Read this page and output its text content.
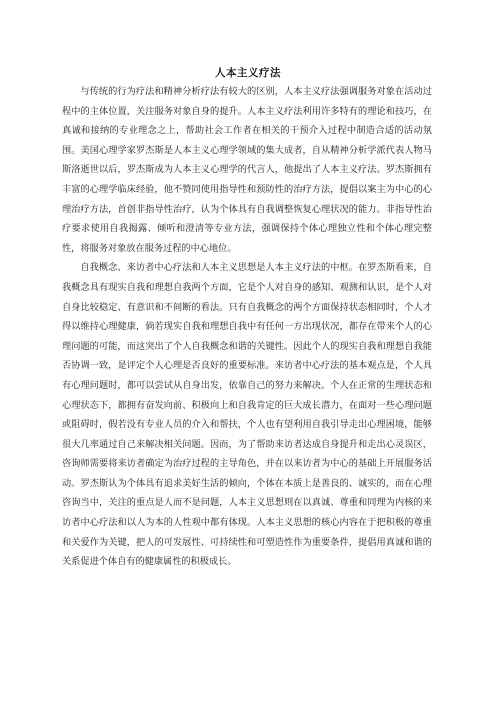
人本主义疗法

与传统的行为疗法和精神分析疗法有较大的区别，人本主义疗法强调服务对象在活动过程中的主体位置，关注服务对象自身的提升。人本主义疗法利用许多特有的理论和技巧，在真诚和接纳的专业理念之上，帮助社会工作者在相关的干预介入过程中制造合适的活动氛围。美国心理学家罗杰斯是人本主义心理学领域的集大成者，自从精神分析学派代表人物马斯洛逝世以后，罗杰斯成为人本主义心理学的代言人，他提出了人本主义疗法。罗杰斯拥有丰富的心理学临床经验，他不赞同使用指导性和预防性的治疗方法，提倡以案主为中心的心理治疗方法，首创非指导性治疗，认为个体具有自我调整恢复心理状况的能力。非指导性治疗要求使用自我揭露、倾听和澄清等专业方法，强调保持个体心理独立性和个体心理完整性，将服务对象放在服务过程的中心地位。

自我概念、来访者中心疗法和人本主义思想是人本主义疗法的中枢。在罗杰斯看来，自我概念具有现实自我和理想自我两个方面，它是个人对自身的感知、观测和认识，是个人对自身比较稳定、有意识和不间断的看法。只有自我概念的两个方面保持状态相同时，个人才得以维持心理健康，倘若现实自我和理想自我中有任何一方出现状况，都存在带来个人的心理问题的可能，而这突出了个人自我概念和谐的关键性。因此个人的现实自我和理想自我能否协调一致，是评定个人心理是否良好的重要标准。来访者中心疗法的基本观点是，个人具有心理问题时，都可以尝试从自身出发，依靠自己的努力来解决。个人在正常的生理状态和心理状态下，都拥有奋发向前、积极向上和自我肯定的巨大成长潜力，在面对一些心理问题或阻碍时，假若没有专业人员的介入和帮扶，个人也有望利用自我引导走出心理困境，能够很大几率通过自己来解决相关问题。因而，为了帮助来访者达成自身提升和走出心灵误区，咨询师需要将来访者确定为治疗过程的主导角色，并在以来访者为中心的基础上开展服务活动。罗杰斯认为个体具有追求美好生活的倾向，个体在本质上是善良的、诚实的，而在心理咨询当中，关注的重点是人而不是问题，人本主义思想则在以真诚、尊重和同理为内核的来访者中心疗法和以人为本的人性观中都有体现。人本主义思想的核心内容在于把积极的尊重和关爱作为关键，把人的可发展性、可持续性和可塑造性作为重要条件，提倡用真诚和谐的关系促进个体自有的健康属性的积极成长。
